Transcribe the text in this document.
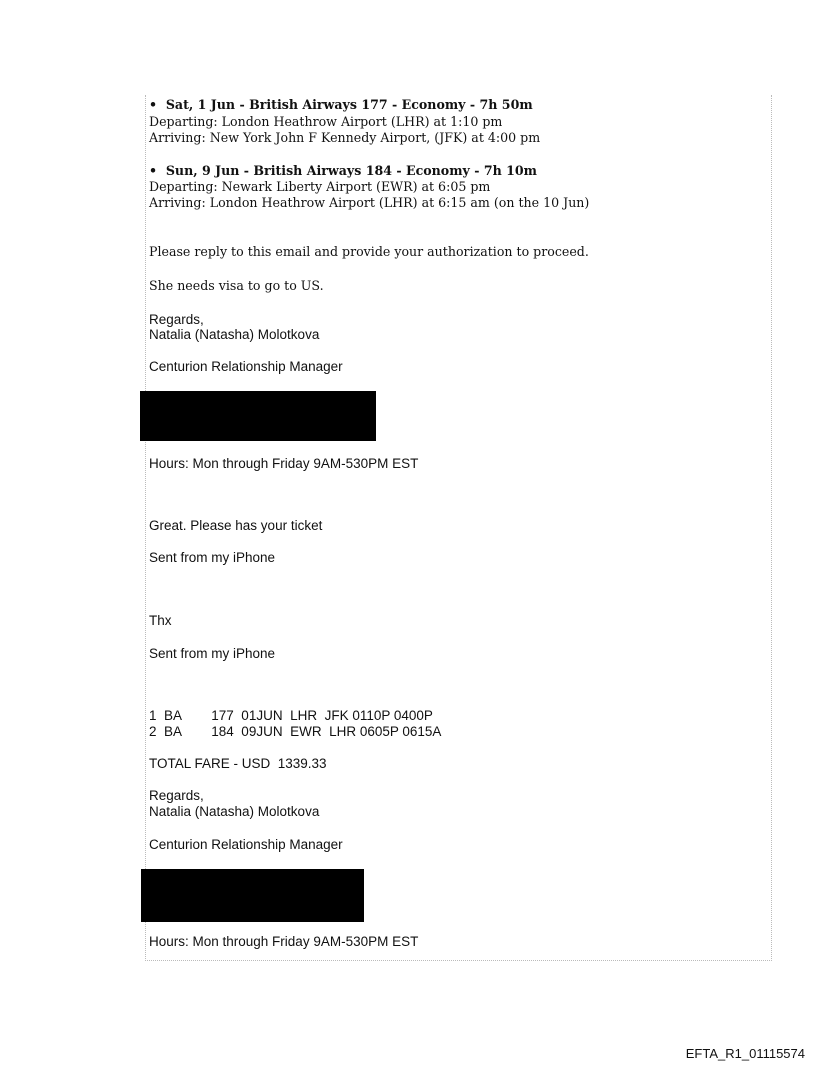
•  Sat, 1 Jun - British Airways 177 - Economy - 7h 50m
Departing: London Heathrow Airport (LHR) at 1:10 pm
Arriving: New York John F Kennedy Airport, (JFK) at 4:00 pm
•  Sun, 9 Jun - British Airways 184 - Economy - 7h 10m
Departing: Newark Liberty Airport (EWR) at 6:05 pm
Arriving: London Heathrow Airport (LHR) at 6:15 am (on the 10 Jun)
Please reply to this email and provide your authorization to proceed.
She needs visa to go to US.
Regards,
Natalia (Natasha) Molotkova
Centurion Relationship Manager
Hours: Mon through Friday 9AM-530PM EST
Great. Please has your ticket
Sent from my iPhone
Thx
Sent from my iPhone
1  BA        177  01JUN  LHR  JFK 0110P 0400P
2  BA        184  09JUN  EWR  LHR 0605P 0615A
TOTAL FARE - USD  1339.33
Regards,
Natalia (Natasha) Molotkova
Centurion Relationship Manager
Hours: Mon through Friday 9AM-530PM EST
EFTA_R1_01115574
